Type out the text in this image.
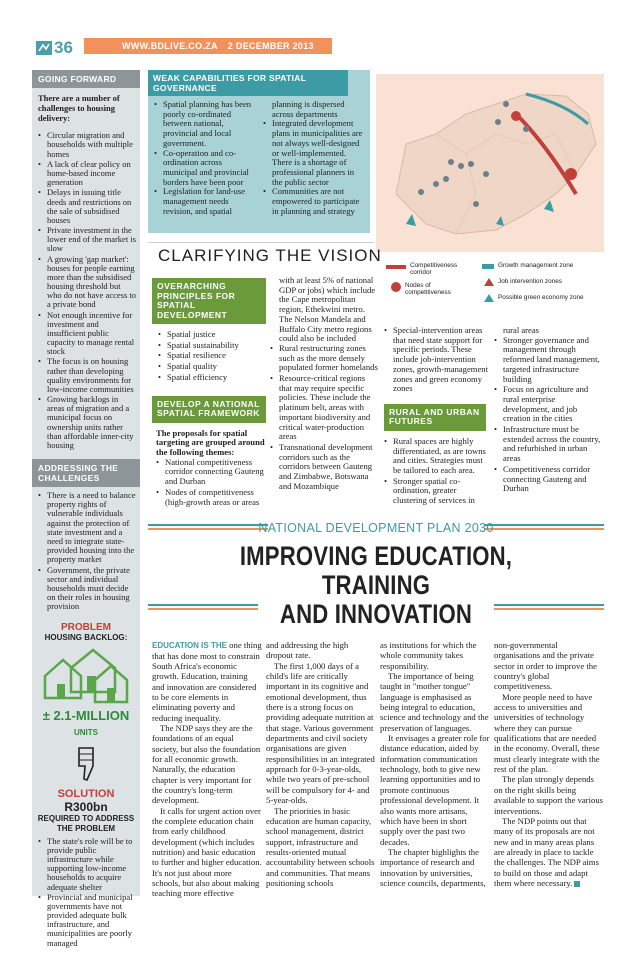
36	WWW.BDLIVE.CO.ZA 2 DECEMBER 2013
GOING FORWARD
There are a number of challenges to housing delivery:
• Circular migration and households with multiple homes
• A lack of clear policy on home-based income generation
• Delays in issuing title deeds and restrictions on the sale of subsidised houses
• Private investment in the lower end of the market is slow
• A growing 'gap market': houses for people earning more than the subsidised housing threshold but who do not have access to a private bond
• Not enough incentive for investment and insufficient public capacity to manage rental stock
• The focus is on housing rather than developing quality environments for low-income communities
• Growing backlogs in areas of migration and a municipal focus on ownership units rather than affordable inner-city housing
ADDRESSING THE CHALLENGES
• There is a need to balance property rights of vulnerable individuals against the protection of state investment and a need to integrate state-provided housing into the property market
• Government, the private sector and individual households must decide on their roles in housing provision
PROBLEM
HOUSING BACKLOG:
± 2.1-MILLION UNITS
SOLUTION
R300bn
REQUIRED TO ADDRESS THE PROBLEM
• The state's role will be to provide public infrastructure while supporting low-income households to acquire adequate shelter
• Provincial and municipal governments have not provided adequate bulk infrastructure, and municipalities are poorly managed
WEAK CAPABILITIES FOR SPATIAL GOVERNANCE
• Spatial planning has been poorly co-ordinated between national, provincial and local government.
• Co-operation and co-ordination across municipal and provincial borders have been poor
• Legislation for land-use management needs revision, and spatial
planning is dispersed across departments
• Integrated development plans in municipalities are not always well-designed or well-implemented. There is a shortage of professional planners in the public sector
• Communities are not empowered to participate in planning and strategy
Competitiveness corridor
Nodes of competitiveness
Growth management zone
Job intervention zones
Possible green economy zone
CLARIFYING THE VISION
OVERARCHING PRINCIPLES FOR SPATIAL DEVELOPMENT
• Spatial justice
• Spatial sustainability
• Spatial resilience
• Spatial quality
• Spatial efficiency
DEVELOP A NATIONAL SPATIAL FRAMEWORK

The proposals for spatial targeting are grouped around the following themes:

• National competitiveness corridor connecting Gauteng and Durban
• Nodes of competitiveness (high-growth areas or areas

with at least 5% of national GDP or jobs) which include the Cape metropolitan region, Ethekwini metro. The Nelson Mandela and Buffalo City metro regions could also be included

• Rural restructuring zones such as the more densely populated former homelands
• Resource-critical regions that may require specific policies. These include the platinum belt, areas with important biodiversity and critical water-production areas
• Transnational development corridors such as the corridors between Gauteng and Zimbabwe, Botswana and Mozambique
• Special-intervention areas that need state support for specific periods. These include job-intervention zones, growth-management zones and green economy zones
RURAL AND URBAN FUTURES
• Rural spaces are highly differentiated, as are towns and cities. Strategies must be tailored to each area.
• Stronger spatial co-ordination, greater clustering of services in

rural areas

• Stronger governance and management through reformed land management, targeted infrastructure building
• Focus on agriculture and rural enterprise development, and job creation in the cities
• Infrastructure must be extended across the country, and refurbished in urban areas
• Competitiveness corridor connecting Gauteng and Durban
NATIONAL DEVELOPMENT PLAN 2030
IMPROVING EDUCATION, TRAINING
AND INNOVATION

EDUCATION IS THE one thing that has done most to constrain South Africa's economic growth. Education, training and innovation are considered to be core elements in eliminating poverty and reducing inequality.

The NDP says they are the foundations of an equal society, but also the foundation for all economic growth. Naturally, the education chapter is very important for the country's long-term development.

It calls for urgent action over the complete education chain from early childhood development (which includes nutrition) and basic education to further and higher education. It's not just about more schools, but also about making teaching more effective

and addressing the high dropout rate.

The first 1,000 days of a child's life are critically important in its cognitive and emotional development, thus there is a strong focus on providing adequate nutrition at that stage. Various government departments and civil society organisations are given responsibilities in an integrated approach for 0-3-year-olds, while two years of pre-school will be compulsory for 4- and 5-year-olds.

The priorities in basic education are human capacity, school management, district support, infrastructure and results-oriented mutual accountability between schools and communities. That means positioning schools

as institutions for which the whole community takes responsibility.

The importance of being taught in "mother tongue" language is emphasised as being integral to education, science and technology and the preservation of languages.

It envisages a greater role for distance education, aided by information communication technology, both to give new learning opportunities and to promote continuous professional development. It also wants more artisans, which have been in short supply over the past two decades.

The chapter highlights the importance of research and innovation by universities, science councils, departments,

non-governmental organisations and the private sector in order to improve the country's global competitiveness.

More people need to have access to universities and universities of technology where they can pursue qualifications that are needed in the economy. Overall, these must clearly integrate with the rest of the plan.

The plan strongly depends on the right skills being available to support the various interventions.

The NDP points out that many of its proposals are not new and in many areas plans are already in place to tackle the challenges. The NDP aims to build on those and adapt them where necessary.
